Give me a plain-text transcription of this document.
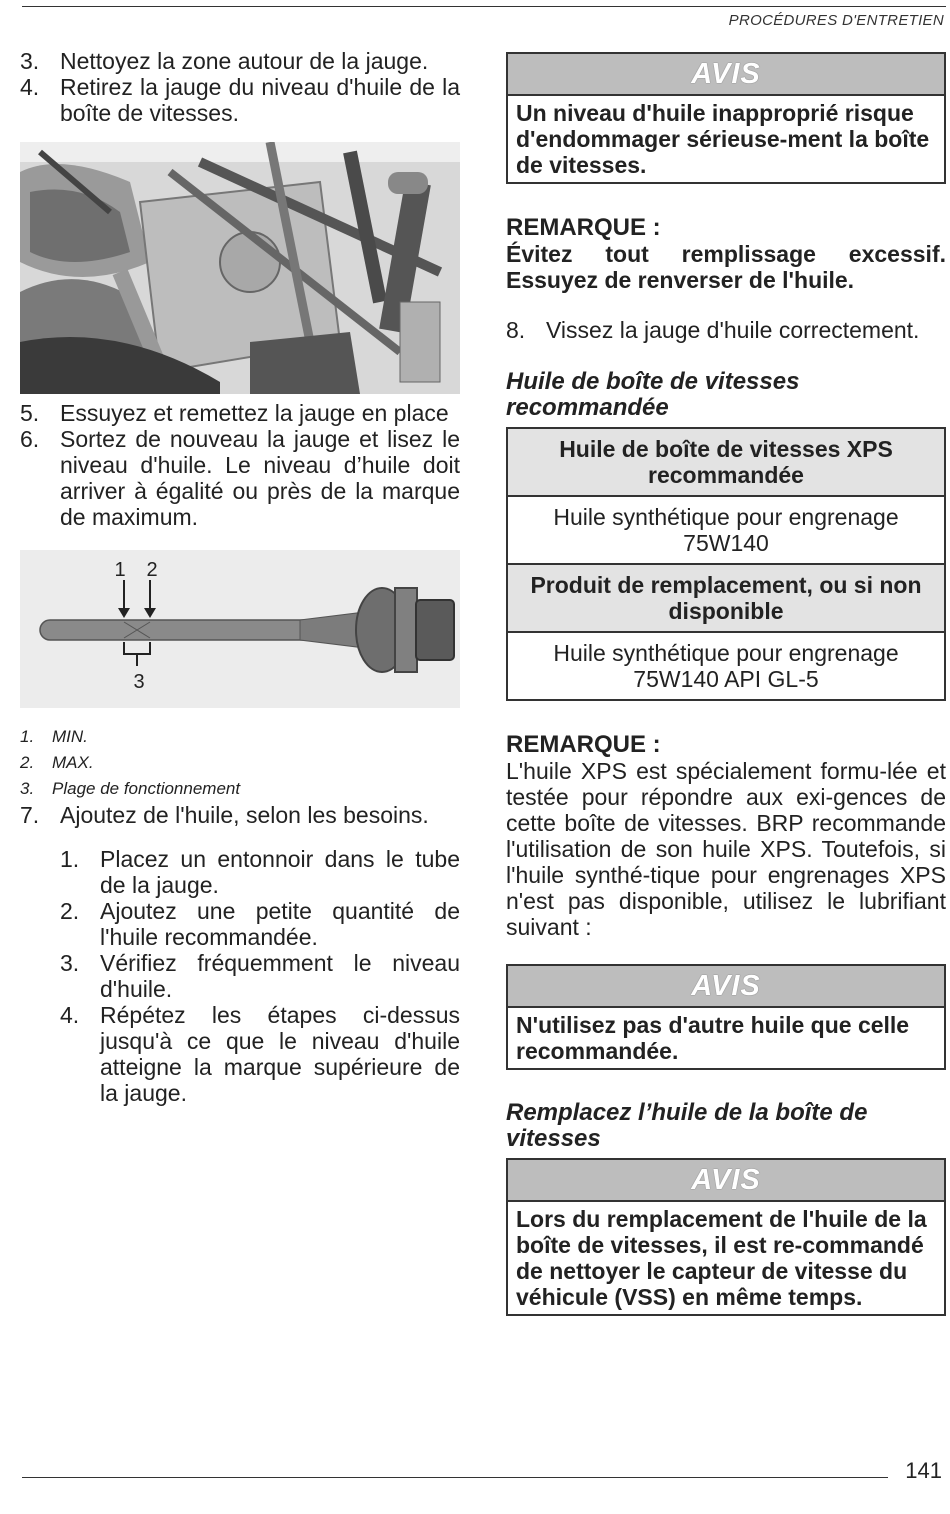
PROCÉDURES D'ENTRETIEN
3. Nettoyez la zone autour de la jauge.
4. Retirez la jauge du niveau d'huile de la boîte de vitesses.
5. Essuyez et remettez la jauge en place
6. Sortez de nouveau la jauge et lisez le niveau d'huile. Le niveau d’huile doit arriver à égalité ou près de la marque de maximum.
1 2
3
1.	MIN.
2.	MAX.
3.	Plage de fonctionnement
7. Ajoutez de l'huile, selon les besoins.
1. Placez un entonnoir dans le tube de la jauge.
2. Ajoutez une petite quantité de l'huile recommandée.
3. Vérifiez fréquemment le niveau d'huile.
4. Répétez les étapes ci-dessus jusqu'à ce que le niveau d'huile atteigne la marque supérieure de la jauge.
AVIS
Un niveau d'huile inapproprié risque d'endommager sérieuse-ment la boîte de vitesses.
REMARQUE :
Évitez tout remplissage excessif. Essuyez de renverser de l'huile.
8. Vissez la jauge d'huile correctement.
Huile de boîte de vitesses recommandée
Huile de boîte de vitesses XPS recommandée
Huile synthétique pour engrenage 75W140
Produit de remplacement, ou si non disponible
Huile synthétique pour engrenage 75W140 API GL-5
REMARQUE :
L'huile XPS est spécialement formu-lée et testée pour répondre aux exi-gences de cette boîte de vitesses. BRP recommande l'utilisation de son huile XPS. Toutefois, si l'huile synthé-tique pour engrenages XPS n'est pas disponible, utilisez le lubrifiant suivant :
AVIS
N'utilisez pas d'autre huile que celle recommandée.
Remplacez l’huile de la boîte de vitesses
AVIS
Lors du remplacement de l'huile de la boîte de vitesses, il est re-commandé de nettoyer le capteur de vitesse du véhicule (VSS) en même temps.
141
